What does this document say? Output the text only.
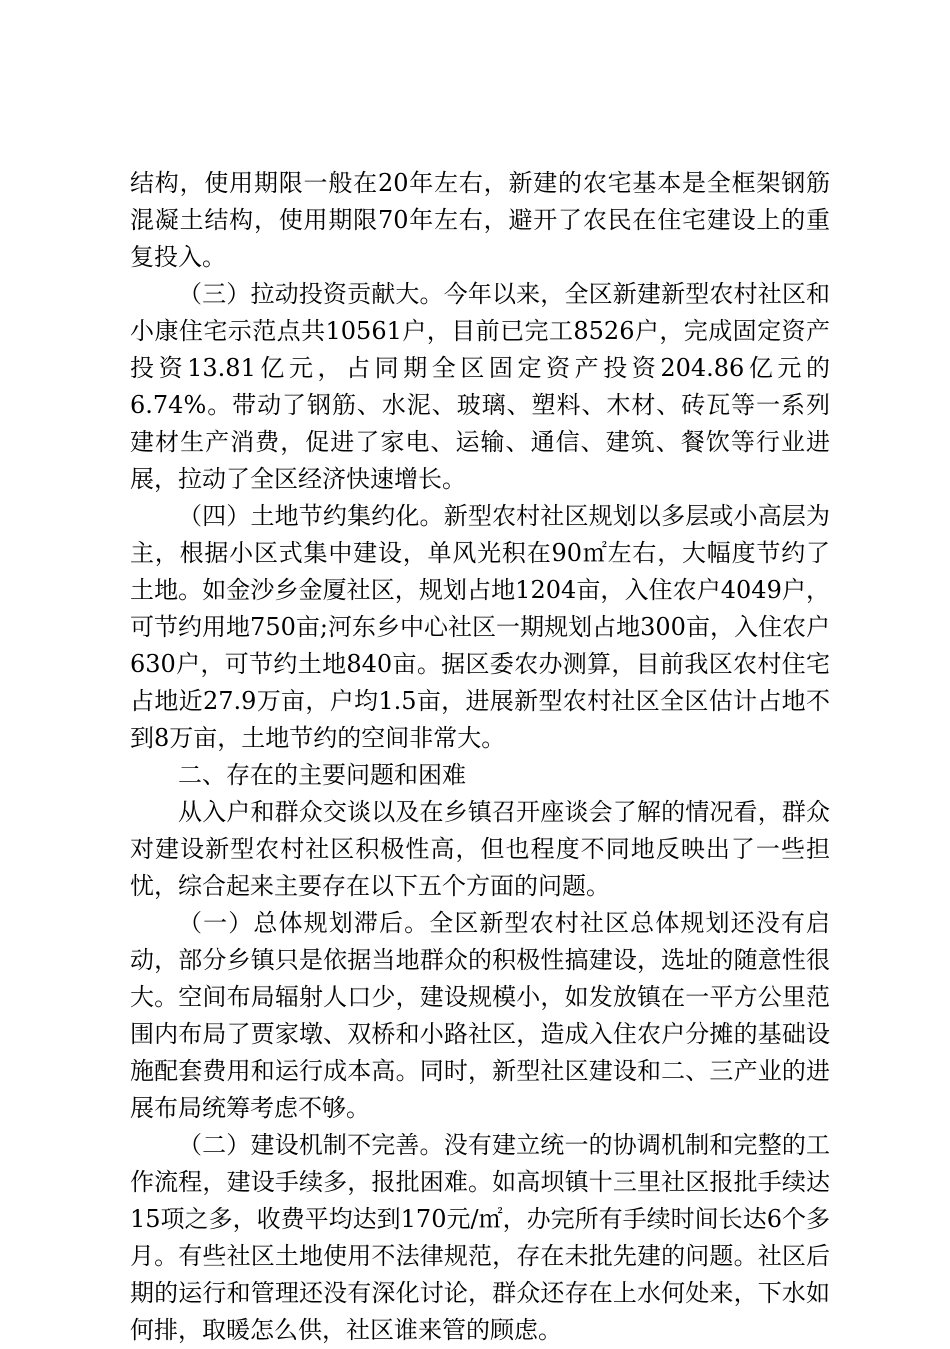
结构，使用期限一般在20年左右，新建的农宅基本是全框架钢筋混凝土结构，使用期限70年左右，避开了农民在住宅建设上的重复投入。

（三）拉动投资贡献大。今年以来，全区新建新型农村社区和小康住宅示范点共10561户，目前已完工8526户，完成固定资产投资13.81亿元，占同期全区固定资产投资204.86亿元的6.74%。带动了钢筋、水泥、玻璃、塑料、木材、砖瓦等一系列建材生产消费，促进了家电、运输、通信、建筑、餐饮等行业进展，拉动了全区经济快速增长。

（四）土地节约集约化。新型农村社区规划以多层或小高层为主，根据小区式集中建设，单风光积在90㎡左右，大幅度节约了土地。如金沙乡金厦社区，规划占地1204亩，入住农户4049户，可节约用地750亩;河东乡中心社区一期规划占地300亩，入住农户630户，可节约土地840亩。据区委农办测算，目前我区农村住宅占地近27.9万亩，户均1.5亩，进展新型农村社区全区估计占地不到8万亩，土地节约的空间非常大。

二、存在的主要问题和困难

从入户和群众交谈以及在乡镇召开座谈会了解的情况看，群众对建设新型农村社区积极性高，但也程度不同地反映出了一些担忧，综合起来主要存在以下五个方面的问题。

（一）总体规划滞后。全区新型农村社区总体规划还没有启动，部分乡镇只是依据当地群众的积极性搞建设，选址的随意性很大。空间布局辐射人口少，建设规模小，如发放镇在一平方公里范围内布局了贾家墩、双桥和小路社区，造成入住农户分摊的基础设施配套费用和运行成本高。同时，新型社区建设和二、三产业的进展布局统筹考虑不够。

（二）建设机制不完善。没有建立统一的协调机制和完整的工作流程，建设手续多，报批困难。如高坝镇十三里社区报批手续达15项之多，收费平均达到170元/㎡，办完所有手续时间长达6个多月。有些社区土地使用不法律规范，存在未批先建的问题。社区后期的运行和管理还没有深化讨论，群众还存在上水何处来，下水如何排，取暖怎么供，社区谁来管的顾虑。
